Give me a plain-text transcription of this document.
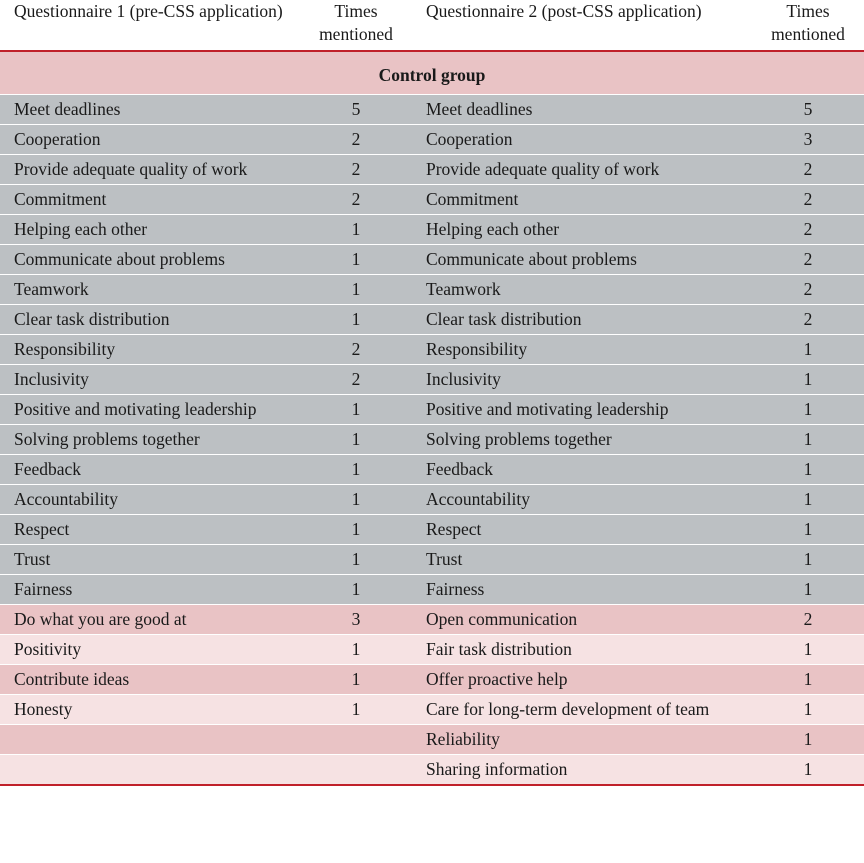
Questionnaire 1 (pre-CSS application)	Times mentioned	Questionnaire 2 (post-CSS application)	Times mentioned
Control group			

Meet deadlines	5	Meet deadlines	5

Cooperation	2	Cooperation	3

Provide adequate quality of work	2	Provide adequate quality of work	2

Commitment	2	Commitment	2

Helping each other	1	Helping each other	2

Communicate about problems	1	Communicate about problems	2

Teamwork	1	Teamwork	2

Clear task distribution	1	Clear task distribution	2

Responsibility	2	Responsibility	1

Inclusivity	2	Inclusivity	1

Positive and motivating leadership	1	Positive and motivating leadership	1

Solving problems together	1	Solving problems together	1

Feedback	1	Feedback	1

Accountability	1	Accountability	1

Respect	1	Respect	1

Trust	1	Trust	1

Fairness	1	Fairness	1

Do what you are good at	3	Open communication	2

Positivity	1	Fair task distribution	1

Contribute ideas	1	Offer proactive help	1

Honesty	1	Care for long-term development of team	1

		Reliability	1

		Sharing information	1
